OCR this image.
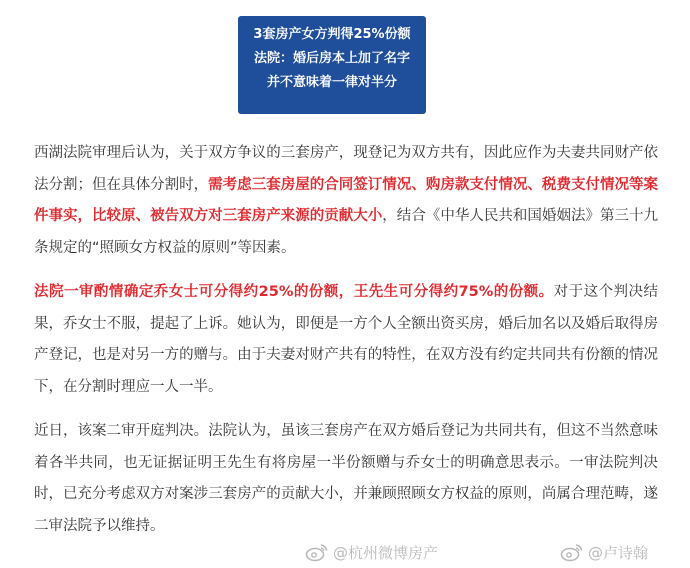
3套房产女方判得25%份额
法院：婚后房本上加了名字
并不意味着一律对半分

西湖法院审理后认为，关于双方争议的三套房产，现登记为双方共有，因此应作为夫妻共同财产依法分割；但在具体分割时，需考虑三套房屋的合同签订情况、购房款支付情况、税费支付情况等案件事实，比较原、被告双方对三套房产来源的贡献大小，结合《中华人民共和国婚姻法》第三十九条规定的“照顾女方权益的原则”等因素。

法院一审酌情确定乔女士可分得约25%的份额，王先生可分得约75%的份额。对于这个判决结果，乔女士不服，提起了上诉。她认为，即便是一方个人全额出资买房，婚后加名以及婚后取得房产登记，也是对另一方的赠与。由于夫妻对财产共有的特性，在双方没有约定共同共有份额的情况下，在分割时理应一人一半。

近日，该案二审开庭判决。法院认为，虽该三套房产在双方婚后登记为共同共有，但这不当然意味着各半共同，也无证据证明王先生有将房屋一半份额赠与乔女士的明确意思表示。一审法院判决时，已充分考虑双方对案涉三套房产的贡献大小，并兼顾照顾女方权益的原则，尚属合理范畴，遂二审法院予以维持。

@杭州微博房产	@卢诗翰
